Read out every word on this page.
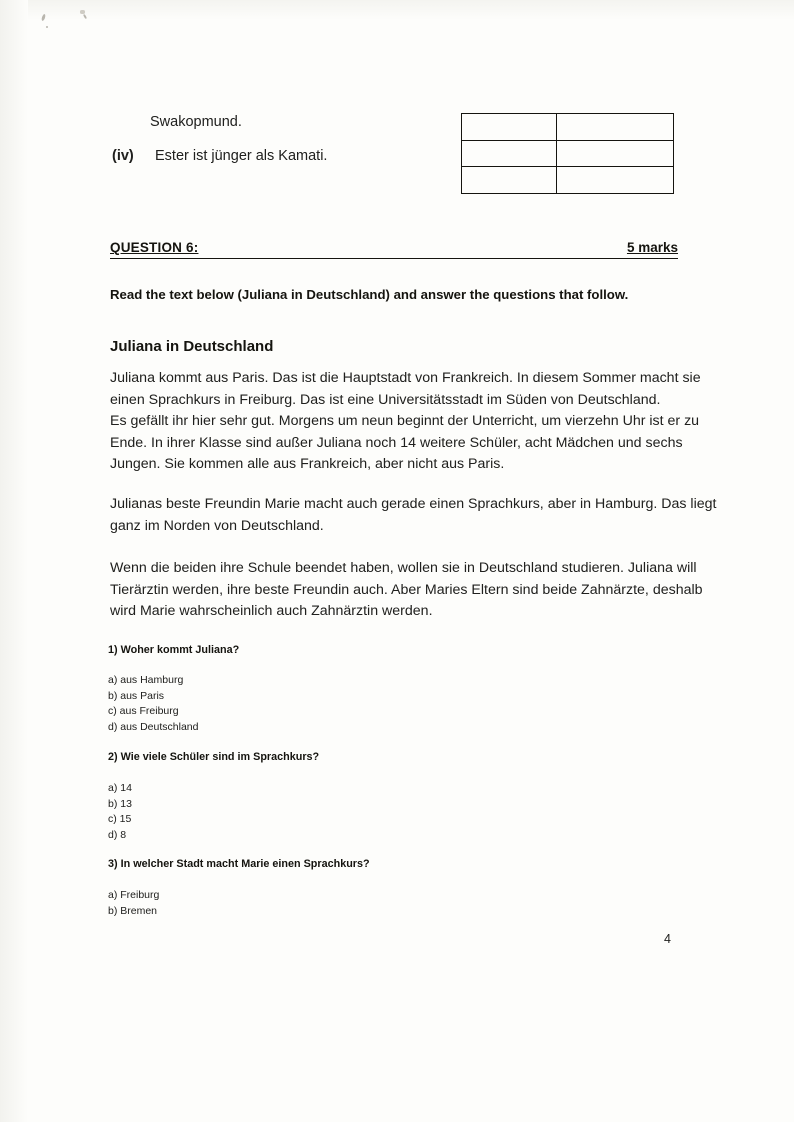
Swakopmund.
(iv) Ester ist jünger als Kamati.

QUESTION 6:	5 marks
Read the text below (Juliana in Deutschland) and answer the questions that follow.
Juliana in Deutschland
Juliana kommt aus Paris. Das ist die Hauptstadt von Frankreich. In diesem Sommer macht sie einen Sprachkurs in Freiburg. Das ist eine Universitätsstadt im Süden von Deutschland.
Es gefällt ihr hier sehr gut. Morgens um neun beginnt der Unterricht, um vierzehn Uhr ist er zu Ende. In ihrer Klasse sind außer Juliana noch 14 weitere Schüler, acht Mädchen und sechs Jungen. Sie kommen alle aus Frankreich, aber nicht aus Paris.
Julianas beste Freundin Marie macht auch gerade einen Sprachkurs, aber in Hamburg. Das liegt ganz im Norden von Deutschland.
Wenn die beiden ihre Schule beendet haben, wollen sie in Deutschland studieren. Juliana will Tierärztin werden, ihre beste Freundin auch. Aber Maries Eltern sind beide Zahnärzte, deshalb wird Marie wahrscheinlich auch Zahnärztin werden.
1) Woher kommt Juliana?
a) aus Hamburg
b) aus Paris
c) aus Freiburg
d) aus Deutschland
2) Wie viele Schüler sind im Sprachkurs?
a) 14
b) 13
c) 15
d) 8
3) In welcher Stadt macht Marie einen Sprachkurs?
a) Freiburg
b) Bremen
4
